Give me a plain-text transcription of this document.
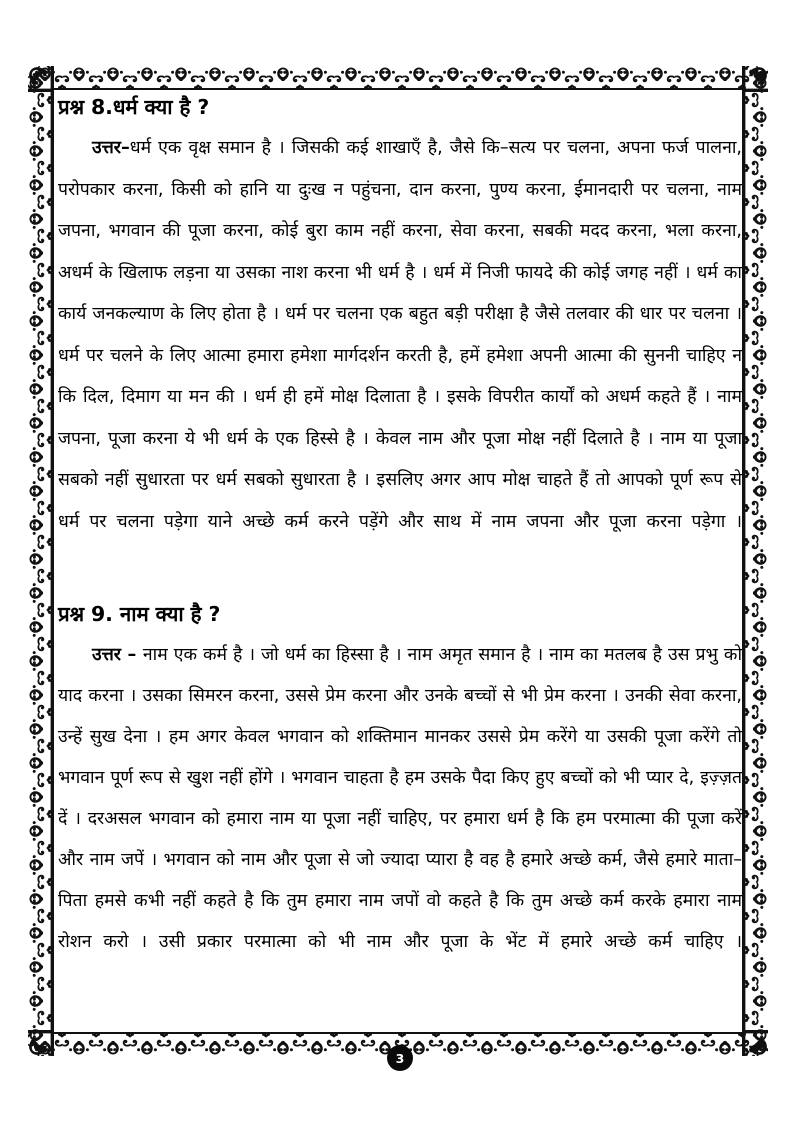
प्रश्न 8.धर्म क्या है ?

उत्तर–धर्म एक वृक्ष समान है । जिसकी कई शाखाएँ है, जैसे कि–सत्य पर चलना, अपना फर्ज पालना, परोपकार करना, किसी को हानि या दुःख न पहुंचना, दान करना, पुण्य करना, ईमानदारी पर चलना, नाम जपना, भगवान की पूजा करना, कोई बुरा काम नहीं करना, सेवा करना, सबकी मदद करना, भला करना, अधर्म के खिलाफ लड़ना या उसका नाश करना भी धर्म है । धर्म में निजी फायदे की कोई जगह नहीं । धर्म का कार्य जनकल्याण के लिए होता है । धर्म पर चलना एक बहुत बड़ी परीक्षा है जैसे तलवार की धार पर चलना । धर्म पर चलने के लिए आत्मा हमारा हमेशा मार्गदर्शन करती है, हमें हमेशा अपनी आत्मा की सुननी चाहिए न कि दिल, दिमाग या मन की । धर्म ही हमें मोक्ष दिलाता है । इसके विपरीत कार्यों को अधर्म कहते हैं । नाम जपना, पूजा करना ये भी धर्म के एक हिस्से है । केवल नाम और पूजा मोक्ष नहीं दिलाते है । नाम या पूजा सबको नहीं सुधारता पर धर्म सबको सुधारता है । इसलिए अगर आप मोक्ष चाहते हैं तो आपको पूर्ण रूप से धर्म पर चलना पड़ेगा याने अच्छे कर्म करने पड़ेंगे और साथ में नाम जपना और पूजा करना पड़ेगा ।

प्रश्न 9. नाम क्या है ?

उत्तर – नाम एक कर्म है । जो धर्म का हिस्सा है । नाम अमृत समान है । नाम का मतलब है उस प्रभु को याद करना । उसका सिमरन करना, उससे प्रेम करना और उनके बच्चों से भी प्रेम करना । उनकी सेवा करना, उन्हें सुख देना । हम अगर केवल भगवान को शक्तिमान मानकर उससे प्रेम करेंगे या उसकी पूजा करेंगे तो भगवान पूर्ण रूप से खुश नहीं होंगे । भगवान चाहता है हम उसके पैदा किए हुए बच्चों को भी प्यार दे, इज़्ज़त दें । दरअसल भगवान को हमारा नाम या पूजा नहीं चाहिए, पर हमारा धर्म है कि हम परमात्मा की पूजा करें और नाम जपें । भगवान को नाम और पूजा से जो ज्यादा प्यारा है वह है हमारे अच्छे कर्म, जैसे हमारे माता–पिता हमसे कभी नहीं कहते है कि तुम हमारा नाम जपों वो कहते है कि तुम अच्छे कर्म करके हमारा नाम रोशन करो । उसी प्रकार परमात्मा को भी नाम और पूजा के भेंट में हमारे अच्छे कर्म चाहिए ।

3
